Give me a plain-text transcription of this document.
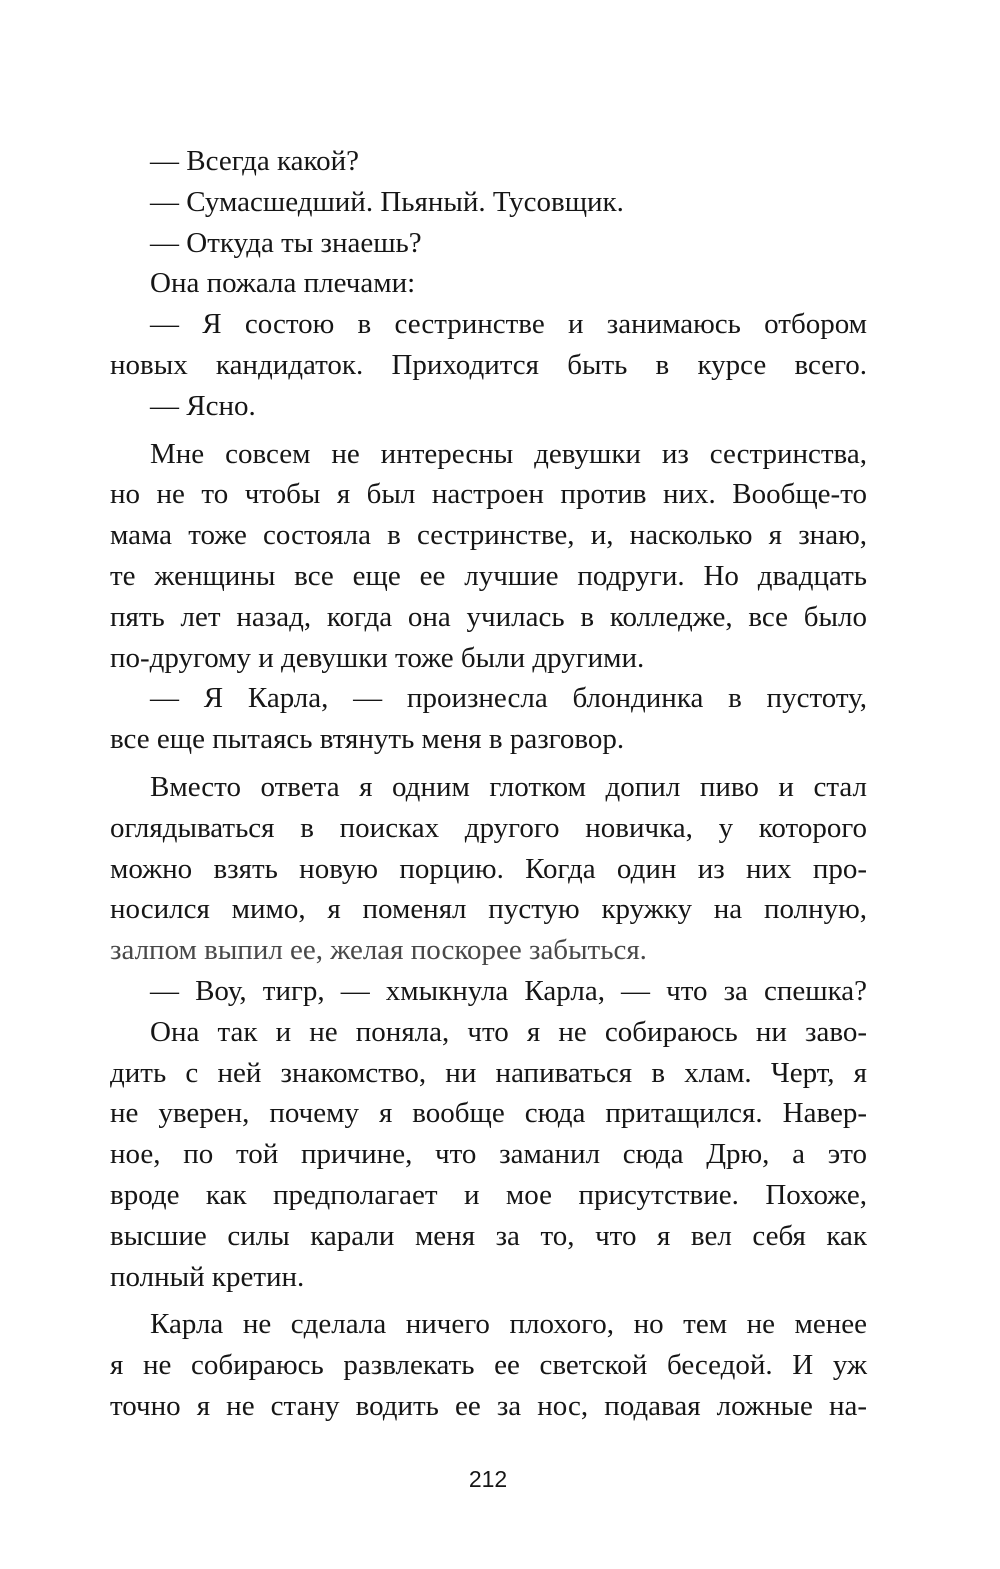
— Всегда какой?
— Сумасшедший. Пьяный. Тусовщик.
— Откуда ты знаешь?
Она пожала плечами:
— Я состою в сестринстве и занимаюсь отбором
новых кандидаток. Приходится быть в курсе всего.
— Ясно.
Мне совсем не интересны девушки из сестринства,
но не то чтобы я был настроен против них. Вообще-то
мама тоже состояла в сестринстве, и, насколько я знаю,
те женщины все еще ее лучшие подруги. Но двадцать
пять лет назад, когда она училась в колледже, все было
по-другому и девушки тоже были другими.
— Я Карла, — произнесла блондинка в пустоту,
все еще пытаясь втянуть меня в разговор.
Вместо ответа я одним глотком допил пиво и стал
оглядываться в поисках другого новичка, у которого
можно взять новую порцию. Когда один из них про-
носился мимо, я поменял пустую кружку на полную,
залпом выпил ее, желая поскорее забыться.
— Воу, тигр, — хмыкнула Карла, — что за спешка?
Она так и не поняла, что я не собираюсь ни заво-
дить с ней знакомство, ни напиваться в хлам. Черт, я
не уверен, почему я вообще сюда притащился. Навер-
ное, по той причине, что заманил сюда Дрю, а это
вроде как предполагает и мое присутствие. Похоже,
высшие силы карали меня за то, что я вел себя как
полный кретин.
Карла не сделала ничего плохого, но тем не менее
я не собираюсь развлекать ее светской беседой. И уж
точно я не стану водить ее за нос, подавая ложные на-
212
